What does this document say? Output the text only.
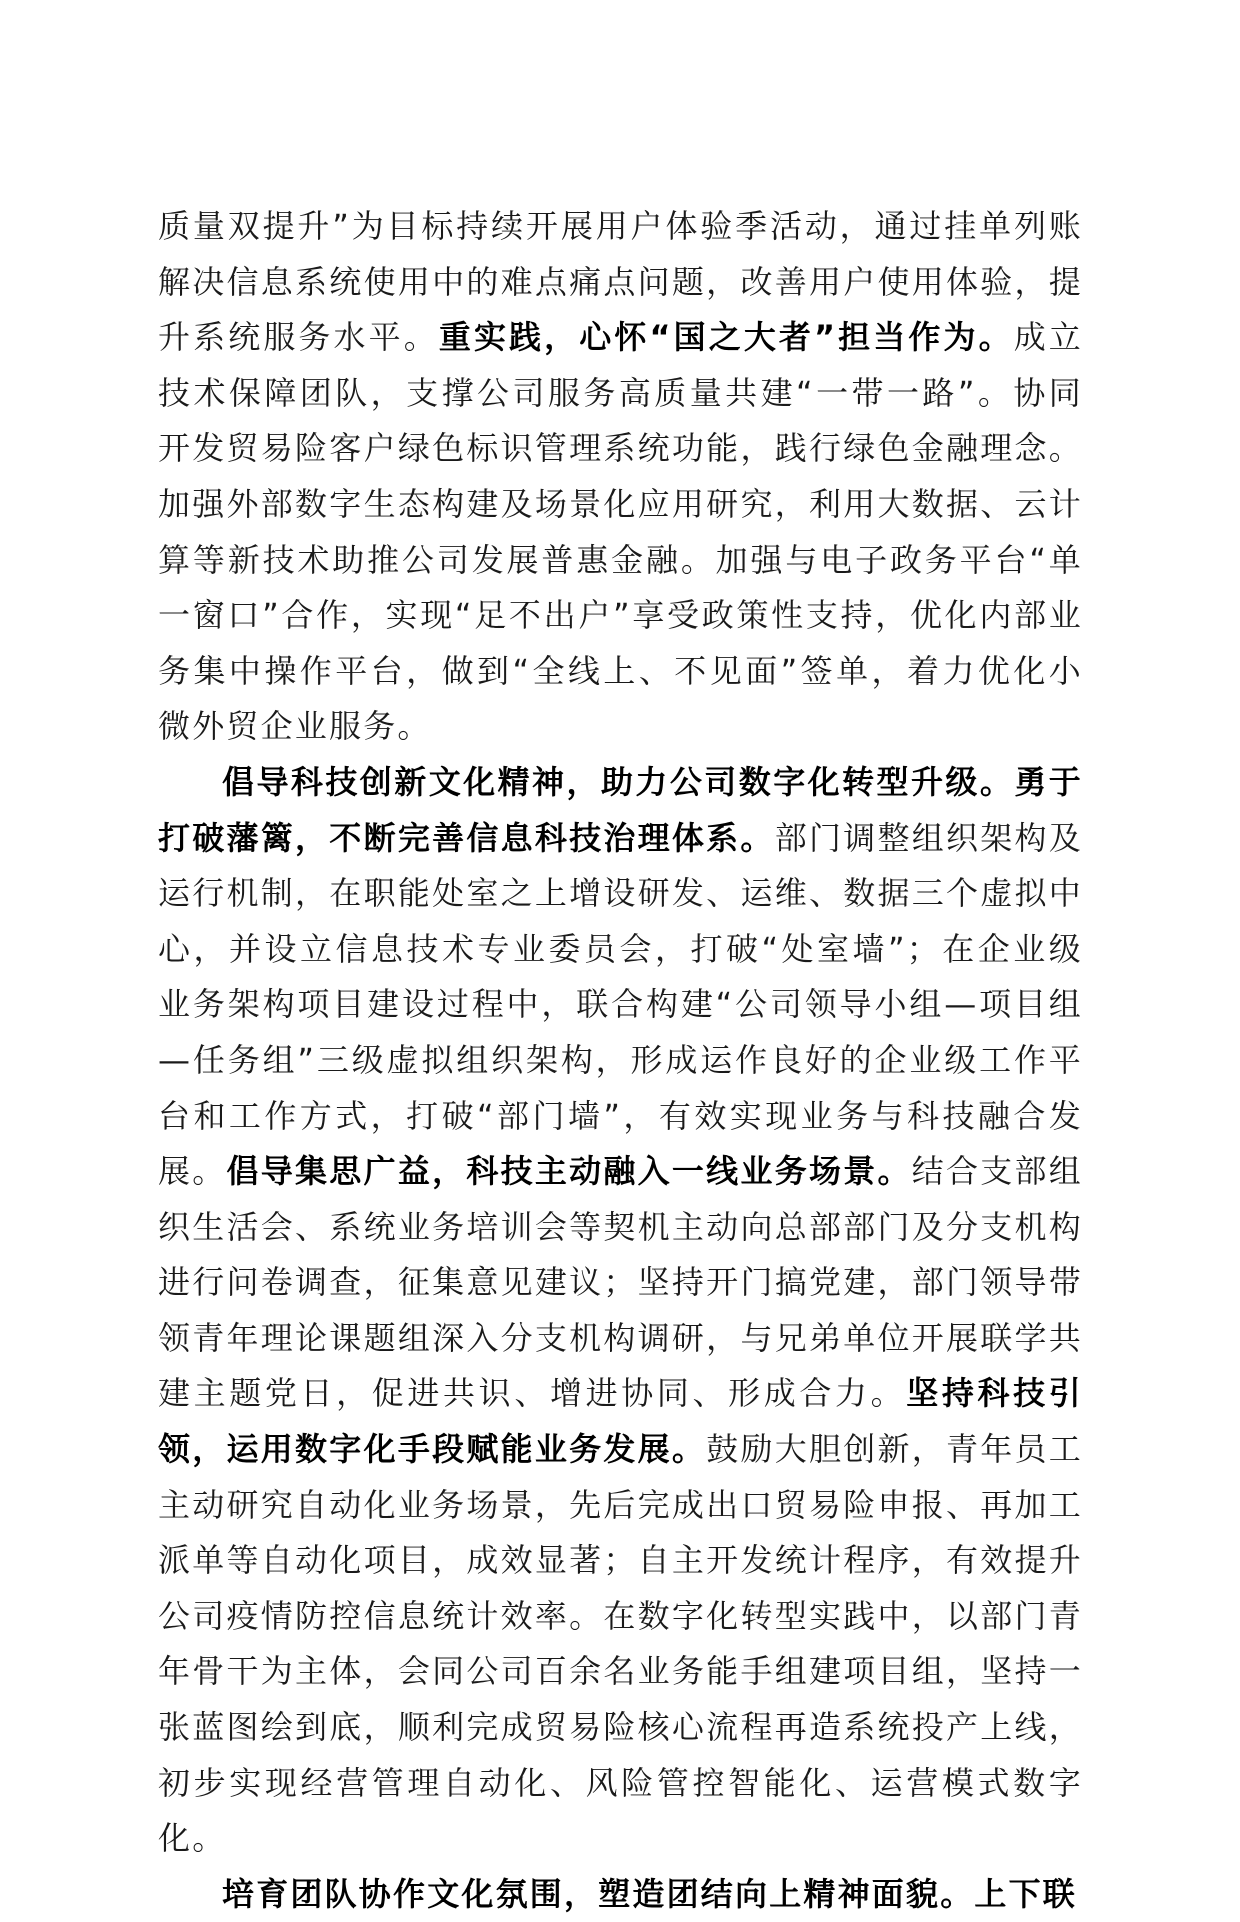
质量双提升”为目标持续开展用户体验季活动，通过挂单列账解决信息系统使用中的难点痛点问题，改善用户使用体验，提升系统服务水平。重实践，心怀“国之大者”担当作为。成立技术保障团队，支撑公司服务高质量共建“一带一路”。协同开发贸易险客户绿色标识管理系统功能，践行绿色金融理念。加强外部数字生态构建及场景化应用研究，利用大数据、云计算等新技术助推公司发展普惠金融。加强与电子政务平台“单一窗口”合作，实现“足不出户”享受政策性支持，优化内部业务集中操作平台，做到“全线上、不见面”签单，着力优化小微外贸企业服务。

倡导科技创新文化精神，助力公司数字化转型升级。勇于打破藩篱，不断完善信息科技治理体系。部门调整组织架构及运行机制，在职能处室之上增设研发、运维、数据三个虚拟中心，并设立信息技术专业委员会，打破“处室墙”；在企业级业务架构项目建设过程中，联合构建“公司领导小组—项目组—任务组”三级虚拟组织架构，形成运作良好的企业级工作平台和工作方式，打破“部门墙”，有效实现业务与科技融合发展。倡导集思广益，科技主动融入一线业务场景。结合支部组织生活会、系统业务培训会等契机主动向总部部门及分支机构进行问卷调查，征集意见建议；坚持开门搞党建，部门领导带领青年理论课题组深入分支机构调研，与兄弟单位开展联学共建主题党日，促进共识、增进协同、形成合力。坚持科技引领，运用数字化手段赋能业务发展。鼓励大胆创新，青年员工主动研究自动化业务场景，先后完成出口贸易险申报、再加工派单等自动化项目，成效显著；自主开发统计程序，有效提升公司疫情防控信息统计效率。在数字化转型实践中，以部门青年骨干为主体，会同公司百余名业务能手组建项目组，坚持一张蓝图绘到底，顺利完成贸易险核心流程再造系统投产上线，初步实现经营管理自动化、风险管控智能化、运营模式数字化。

培育团队协作文化氛围，塑造团结向上精神面貌。上下联
